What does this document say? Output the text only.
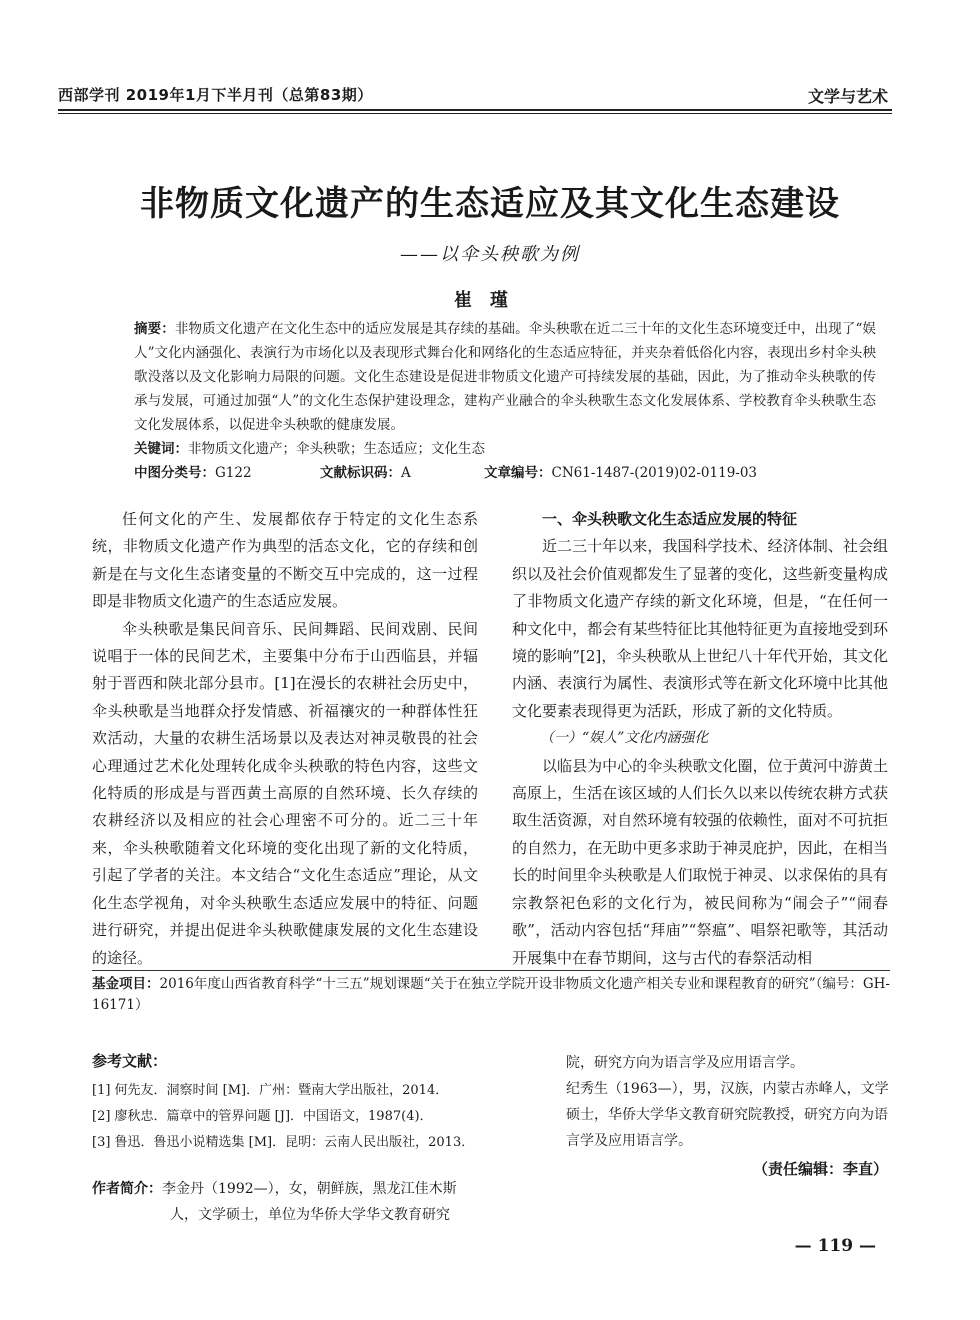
西部学刊 2019年1月下半月刊（总第83期）	文学与艺术
非物质文化遗产的生态适应及其文化生态建设
——以伞头秧歌为例
崔瑾
摘要：非物质文化遗产在文化生态中的适应发展是其存续的基础。伞头秧歌在近二三十年的文化生态环境变迁中，出现了“娱人”文化内涵强化、表演行为市场化以及表现形式舞台化和网络化的生态适应特征，并夹杂着低俗化内容，表现出乡村伞头秧歌没落以及文化影响力局限的问题。文化生态建设是促进非物质文化遗产可持续发展的基础，因此，为了推动伞头秧歌的传承与发展，可通过加强“人”的文化生态保护建设理念，建构产业融合的伞头秧歌生态文化发展体系、学校教育伞头秧歌生态文化发展体系，以促进伞头秧歌的健康发展。
关键词：非物质文化遗产；伞头秧歌；生态适应；文化生态
中图分类号：G122	文献标识码：A	文章编号：CN61-1487-(2019)02-0119-03

任何文化的产生、发展都依存于特定的文化生态系统，非物质文化遗产作为典型的活态文化，它的存续和创新是在与文化生态诸变量的不断交互中完成的，这一过程即是非物质文化遗产的生态适应发展。

伞头秧歌是集民间音乐、民间舞蹈、民间戏剧、民间说唱于一体的民间艺术，主要集中分布于山西临县，并辐射于晋西和陕北部分县市。[1]在漫长的农耕社会历史中，伞头秧歌是当地群众抒发情感、祈福禳灾的一种群体性狂欢活动，大量的农耕生活场景以及表达对神灵敬畏的社会心理通过艺术化处理转化成伞头秧歌的特色内容，这些文化特质的形成是与晋西黄土高原的自然环境、长久存续的农耕经济以及相应的社会心理密不可分的。近二三十年来，伞头秧歌随着文化环境的变化出现了新的文化特质，引起了学者的关注。本文结合“文化生态适应”理论，从文化生态学视角，对伞头秧歌生态适应发展中的特征、问题进行研究，并提出促进伞头秧歌健康发展的文化生态建设的途径。

一、伞头秧歌文化生态适应发展的特征

近二三十年以来，我国科学技术、经济体制、社会组织以及社会价值观都发生了显著的变化，这些新变量构成了非物质文化遗产存续的新文化环境，但是，“在任何一种文化中，都会有某些特征比其他特征更为直接地受到环境的影响”[2]，伞头秧歌从上世纪八十年代开始，其文化内涵、表演行为属性、表演形式等在新文化环境中比其他文化要素表现得更为活跃，形成了新的文化特质。

（一）“娱人”文化内涵强化

以临县为中心的伞头秧歌文化圈，位于黄河中游黄土高原上，生活在该区域的人们长久以来以传统农耕方式获取生活资源，对自然环境有较强的依赖性，面对不可抗拒的自然力，在无助中更多求助于神灵庇护，因此，在相当长的时间里伞头秧歌是人们取悦于神灵、以求保佑的具有宗教祭祀色彩的文化行为，被民间称为“闹会子”“闹春歌”，活动内容包括“拜庙”“祭瘟”、唱祭祀歌等，其活动开展集中在春节期间，这与古代的春祭活动相

基金项目：2016年度山西省教育科学“十三五”规划课题“关于在独立学院开设非物质文化遗产相关专业和课程教育的研究”（编号：GH-16171）
参考文献：
[1] 何先友．洞察时间 [M]．广州：暨南大学出版社，2014．
[2] 廖秋忠．篇章中的管界问题 [J]．中国语文，1987(4)．
[3] 鲁迅．鲁迅小说精选集 [M]．昆明：云南人民出版社，2013．
作者简介：李金丹（1992—），女，朝鲜族，黑龙江佳木斯
人，文学硕士，单位为华侨大学华文教育研究

院，研究方向为语言学及应用语言学。

纪秀生（1963—），男，汉族，内蒙古赤峰人，文学硕士，华侨大学华文教育研究院教授，研究方向为语言学及应用语言学。

（责任编辑：李直）
— 119 —
